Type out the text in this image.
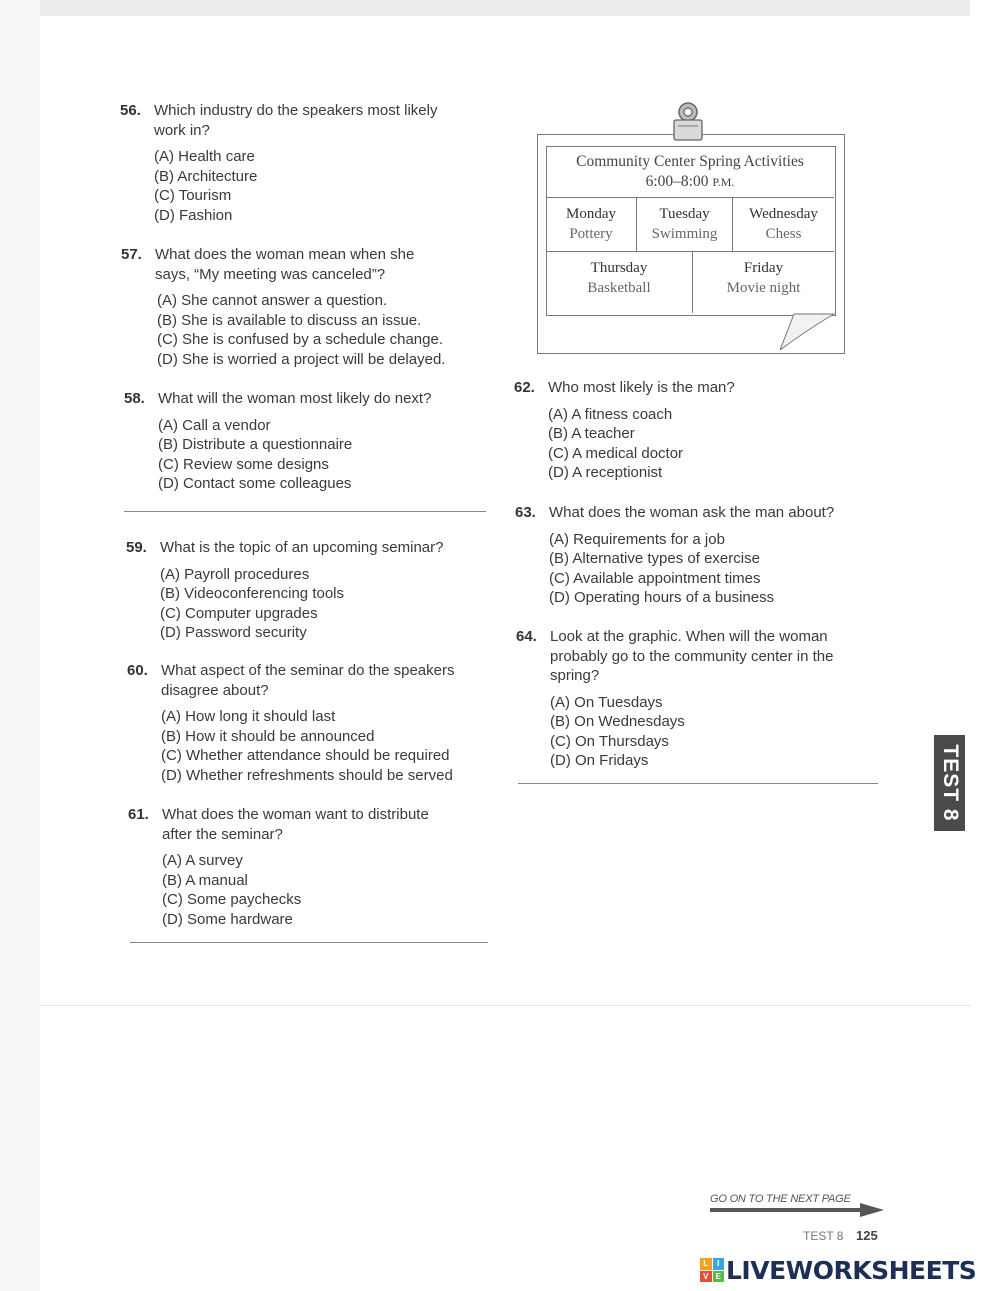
56. Which industry do the speakers most likely
work in?
(A) Health care
(B) Architecture
(C) Tourism
(D) Fashion
57. What does the woman mean when she
says, “My meeting was canceled”?
(A) She cannot answer a question.
(B) She is available to discuss an issue.
(C) She is confused by a schedule change.
(D) She is worried a project will be delayed.
58. What will the woman most likely do next?
(A) Call a vendor
(B) Distribute a questionnaire
(C) Review some designs
(D) Contact some colleagues
59. What is the topic of an upcoming seminar?
(A) Payroll procedures
(B) Videoconferencing tools
(C) Computer upgrades
(D) Password security
60. What aspect of the seminar do the speakers
disagree about?
(A) How long it should last
(B) How it should be announced
(C) Whether attendance should be required
(D) Whether refreshments should be served
61. What does the woman want to distribute
after the seminar?
(A) A survey
(B) A manual
(C) Some paychecks
(D) Some hardware
Community Center Spring Activities
6:00–8:00 P.M.
Monday
Pottery
Tuesday
Swimming
Wednesday
Chess
Thursday
Basketball
Friday
Movie night
62. Who most likely is the man?
(A) A fitness coach
(B) A teacher
(C) A medical doctor
(D) A receptionist
63. What does the woman ask the man about?
(A) Requirements for a job
(B) Alternative types of exercise
(C) Available appointment times
(D) Operating hours of a business
64. Look at the graphic. When will the woman
probably go to the community center in the
spring?
(A) On Tuesdays
(B) On Wednesdays
(C) On Thursdays
(D) On Fridays	TEST 8
GO ON TO THE NEXT PAGE
TEST 8 125
L	I
V E LIVEWORKSHEETS
